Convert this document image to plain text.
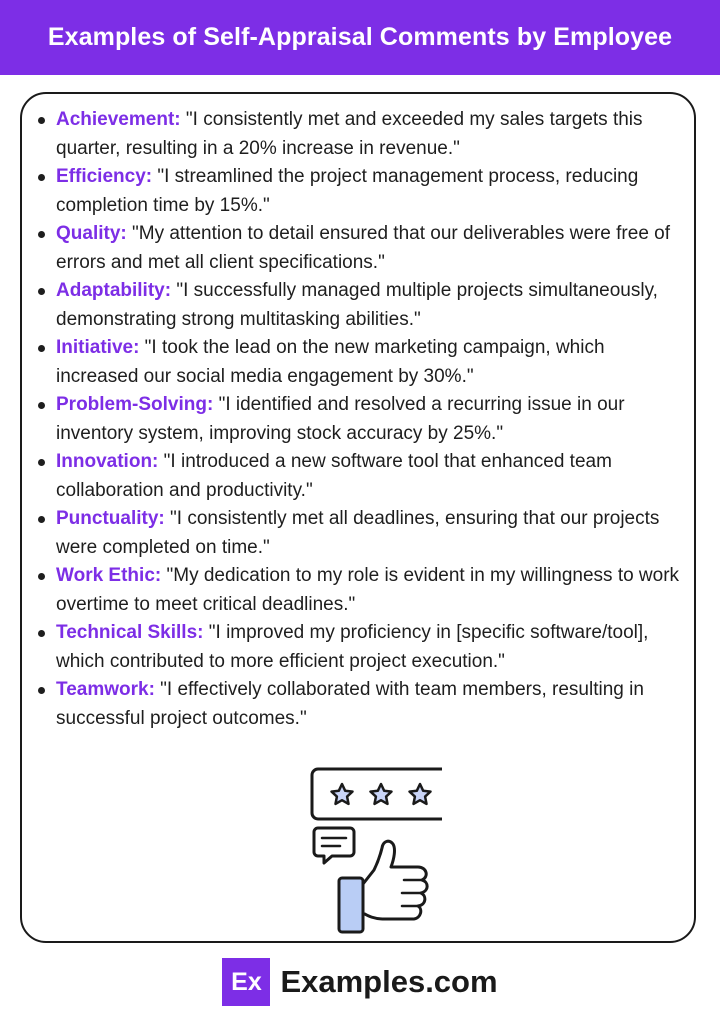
Examples of Self-Appraisal Comments by Employee
Achievement: "I consistently met and exceeded my sales targets this quarter, resulting in a 20% increase in revenue."
Efficiency: "I streamlined the project management process, reducing completion time by 15%."
Quality: "My attention to detail ensured that our deliverables were free of errors and met all client specifications."
Adaptability: "I successfully managed multiple projects simultaneously, demonstrating strong multitasking abilities."
Initiative: "I took the lead on the new marketing campaign, which increased our social media engagement by 30%."
Problem-Solving: "I identified and resolved a recurring issue in our inventory system, improving stock accuracy by 25%."
Innovation: "I introduced a new software tool that enhanced team collaboration and productivity."
Punctuality: "I consistently met all deadlines, ensuring that our projects were completed on time."
Work Ethic: "My dedication to my role is evident in my willingness to work overtime to meet critical deadlines."
Technical Skills: "I improved my proficiency in [specific software/tool], which contributed to more efficient project execution."
Teamwork: "I effectively collaborated with team members, resulting in successful project outcomes."
Ex Examples.com
